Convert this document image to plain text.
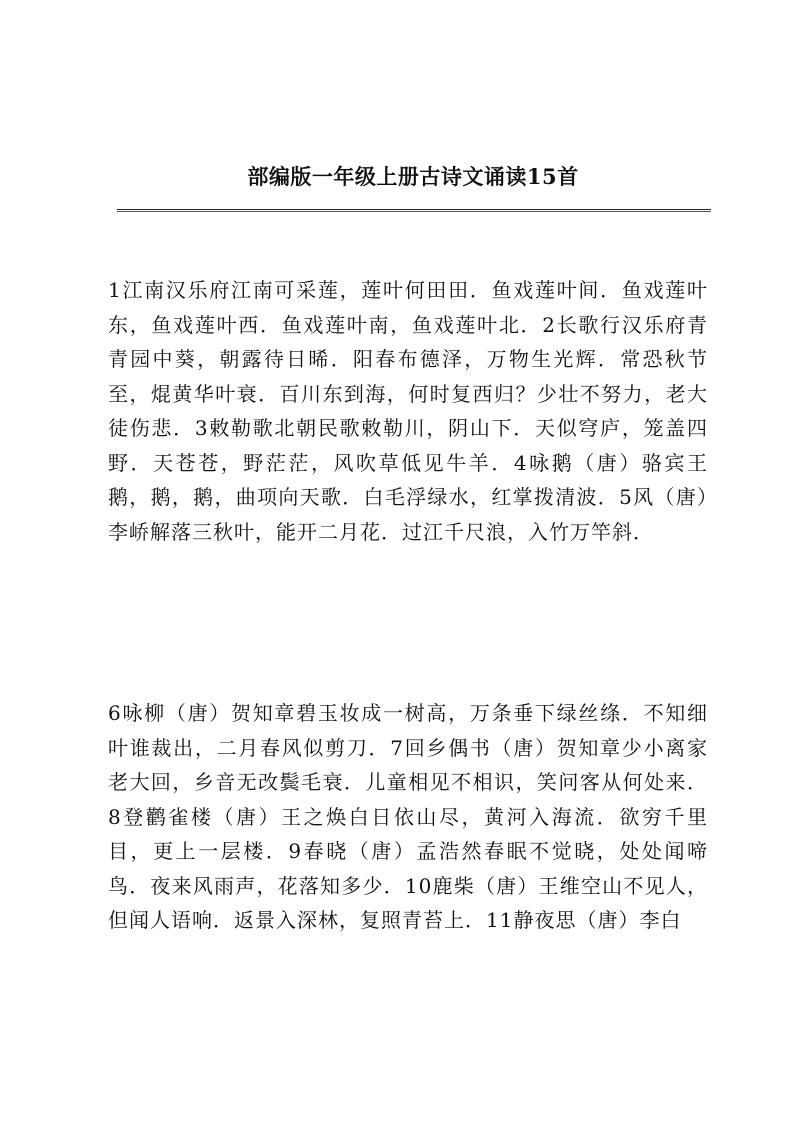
部编版一年级上册古诗文诵读15首

1江南汉乐府江南可采莲，莲叶何田田．鱼戏莲叶间．鱼戏莲叶东，鱼戏莲叶西．鱼戏莲叶南，鱼戏莲叶北．2长歌行汉乐府青青园中葵，朝露待日晞．阳春布德泽，万物生光辉．常恐秋节至，焜黄华叶衰．百川东到海，何时复西归？少壮不努力，老大徒伤悲．3敕勒歌北朝民歌敕勒川，阴山下．天似穹庐，笼盖四野．天苍苍，野茫茫，风吹草低见牛羊．4咏鹅（唐）骆宾王鹅，鹅，鹅，曲项向天歌．白毛浮绿水，红掌拨清波．5风（唐）李峤解落三秋叶，能开二月花．过江千尺浪，入竹万竿斜．

6咏柳（唐）贺知章碧玉妆成一树高，万条垂下绿丝绦．不知细叶谁裁出，二月春风似剪刀．7回乡偶书（唐）贺知章少小离家老大回，乡音无改鬓毛衰．儿童相见不相识，笑问客从何处来．8登鹳雀楼（唐）王之焕白日依山尽，黄河入海流．欲穷千里目，更上一层楼．9春晓（唐）孟浩然春眠不觉晓，处处闻啼鸟．夜来风雨声，花落知多少．10鹿柴（唐）王维空山不见人，但闻人语响．返景入深林，复照青苔上．11静夜思（唐）李白
